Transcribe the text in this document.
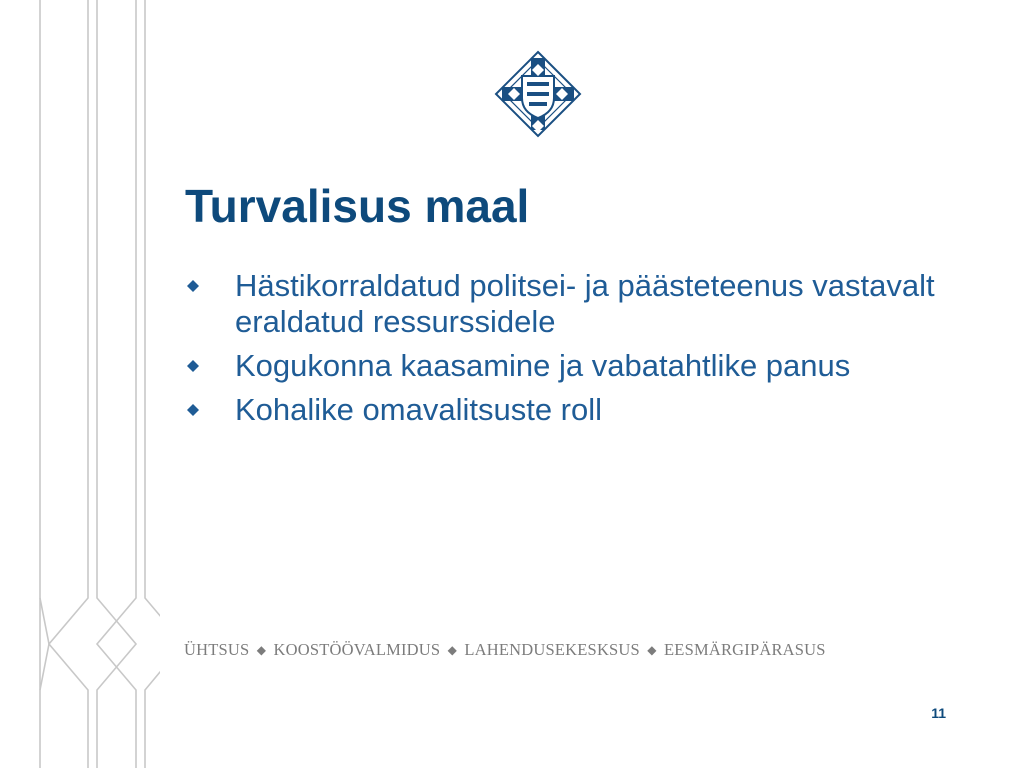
Turvalisus maal
Hästikorraldatud politsei- ja päästeteenus vastavalt eraldatud ressurssidele
Kogukonna kaasamine ja vabatahtlike panus
Kohalike omavalitsuste roll

ÜHTSUS ◆ KOOSTÖÖVALMIDUS ◆ LAHENDUSEKESKSUS ◆ EESMÄRGIPÄRASUS

11
